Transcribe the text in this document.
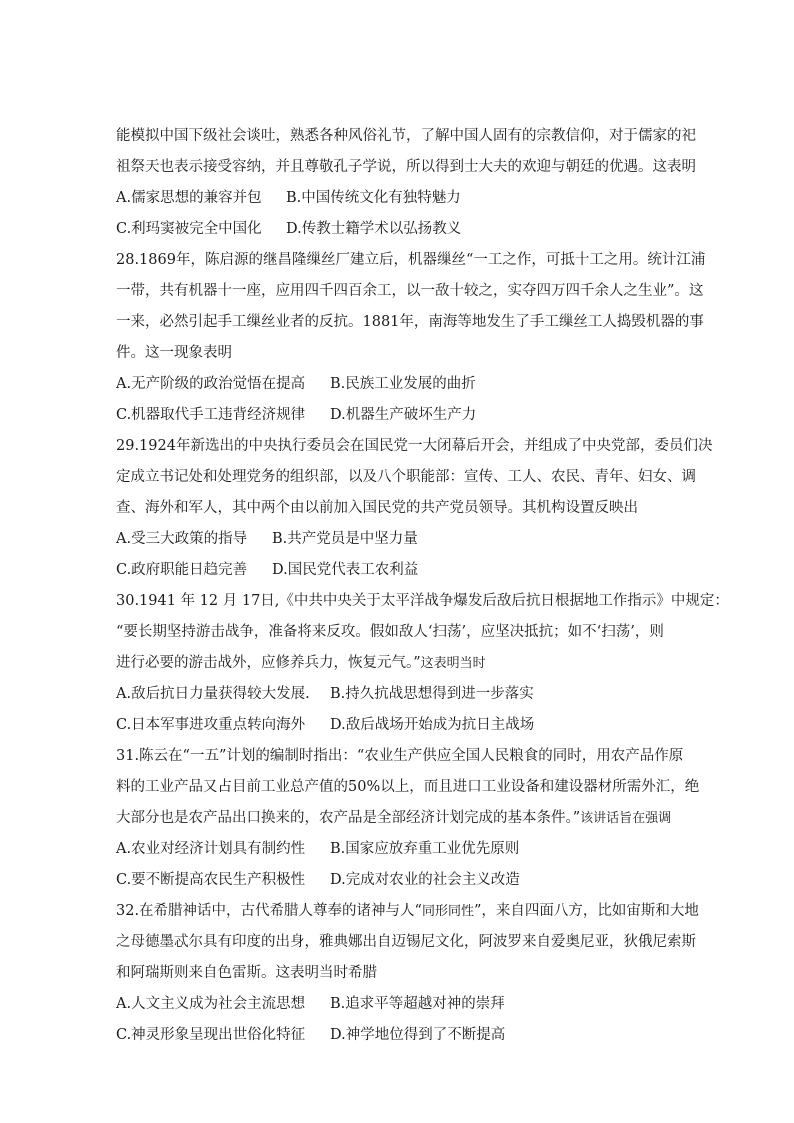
能模拟中国下级社会谈吐，熟悉各种风俗礼节，了解中国人固有的宗教信仰，对于儒家的祀
祖祭天也表示接受容纳，并且尊敬孔子学说，所以得到士大夫的欢迎与朝廷的优遇。这表明
A.儒家思想的兼容并包 B.中国传统文化有独特魅力
C.利玛窦被完全中国化 D.传教士籍学术以弘扬教义
28.1869年，陈启源的继昌隆缫丝厂建立后，机器缫丝“一工之作，可抵十工之用。统计江浦
一带，共有机器十一座，应用四千四百余工，以一敌十较之，实夺四万四千余人之生业”。这
一来，必然引起手工缫丝业者的反抗。1881年，南海等地发生了手工缫丝工人捣毁机器的事
件。这一现象表明
A.无产阶级的政治觉悟在提高 B.民族工业发展的曲折
C.机器取代手工违背经济规律 D.机器生产破坏生产力
29.1924年新选出的中央执行委员会在国民党一大闭幕后开会，并组成了中央党部，委员们决
定成立书记处和处理党务的组织部，以及八个职能部：宣传、工人、农民、青年、妇女、调
查、海外和军人，其中两个由以前加入国民党的共产党员领导。其机构设置反映出
A.受三大政策的指导 B.共产党员是中坚力量
C.政府职能日趋完善 D.国民党代表工农利益
30.1941 年 12 月 17日,《中共中央关于太平洋战争爆发后敌后抗日根据地工作指示》中规定：
“要长期坚持游击战争，准备将来反攻。假如敌人‘扫荡’，应坚决抵抗；如不‘扫荡’，则
进行必要的游击战外，应修养兵力，恢复元气。”这表明当时
A.敌后抗日力量获得较大发展. B.持久抗战思想得到进一步落实
C.日本军事进攻重点转向海外 D.敌后战场开始成为抗日主战场
31.陈云在“一五”计划的编制时指出：“农业生产供应全国人民粮食的同时，用农产品作原
料的工业产品又占目前工业总产值的50%以上，而且进口工业设备和建设器材所需外汇，绝
大部分也是农产品出口换来的，农产品是全部经济计划完成的基本条件。”该讲话旨在强调
A.农业对经济计划具有制约性 B.国家应放弃重工业优先原则
C.要不断提高农民生产积极性 D.完成对农业的社会主义改造
32.在希腊神话中，古代希腊人尊奉的诸神与人“同形同性”，来自四面八方，比如宙斯和大地
之母德墨忒尔具有印度的出身，雅典娜出自迈锡尼文化，阿波罗来自爱奥尼亚，狄俄尼索斯
和阿瑞斯则来自色雷斯。这表明当时希腊
A.人文主义成为社会主流思想 B.追求平等超越对神的崇拜
C.神灵形象呈现出世俗化特征 D.神学地位得到了不断提高
